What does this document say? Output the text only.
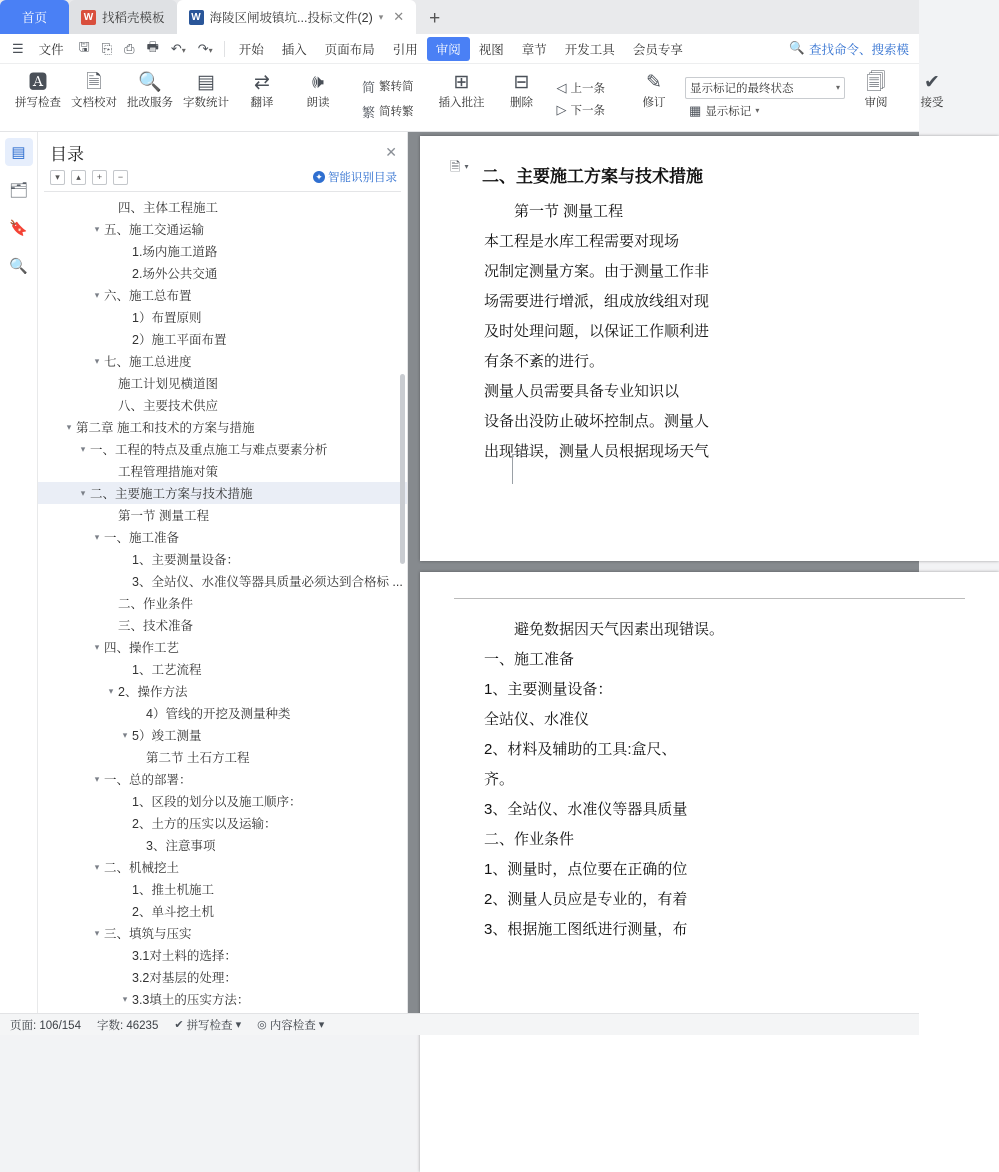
首页	W 找稻壳模板	W 海陵区闸坡镇坑...投标文件(2) ▾ ✕	+
☰	文件	🖫 ⎘ ⎙ 🖶 ↶▾ ↷▾	开始	插入	页面布局	引用	审阅	视图	章节	开发工具	会员专享	🔍 查找命令、搜索模
🅰
拼写检查
🗎
文档校对
🔍
批改服务
▤
字数统计
⇄
翻译
🕪
朗读
简 繁转简
繁 简转繁
⊞
插入批注
⊟
删除
◁ 上一条
▷ 下一条
✎
修订
显示标记的最终状态	▾
▦ 显示标记 ▾
🗐
审阅
✔
接受
▤
🗂
🔖
🔍
目录	✕
▾	▴	+	−	✦ 智能识别目录
四、主体工程施工
▾ 五、施工交通运输
1.场内施工道路
2.场外公共交通
▾ 六、施工总布置
1）布置原则
2）施工平面布置
▾ 七、施工总进度
施工计划见横道图
八、主要技术供应
▾ 第二章 施工和技术的方案与措施
▾ 一、工程的特点及重点施工与难点要素分析
工程管理措施对策
▾ 二、主要施工方案与技术措施
第一节 测量工程
▾ 一、施工准备
1、主要测量设备：
3、全站仪、水准仪等器具质量必须达到合格标 ...
二、作业条件
三、技术准备
▾ 四、操作工艺
1、工艺流程
▾ 2、操作方法
4）管线的开挖及测量种类
▾ 5）竣工测量
第二节 土石方工程
▾ 一、总的部署：
1、区段的划分以及施工顺序：
2、土方的压实以及运输：
3、注意事项
▾ 二、机械挖土
1、推土机施工
2、单斗挖土机
▾ 三、填筑与压实
3.1对土料的选择：
3.2对基层的处理：
▾ 3.3填土的压实方法：
🗎 ▾
二、主要施工方案与技术措施
第一节 测量工程
本工程是水库工程需要对现场
况制定测量方案。由于测量工作非
场需要进行增派，组成放线组对现
及时处理问题，以保证工作顺利进
有条不紊的进行。
测量人员需要具备专业知识以
设备出没防止破坏控制点。测量人
出现错误，测量人员根据现场天气
避免数据因天气因素出现错误。
一、施工准备
1、主要测量设备：
全站仪、水准仪
2、材料及辅助的工具:盒尺、
齐。
3、全站仪、水准仪等器具质量
二、作业条件
1、测量时，点位要在正确的位
2、测量人员应是专业的，有着
3、根据施工图纸进行测量，布
页面: 106/154 字数: 46235 ✔ 拼写检查 ▾ ◎ 内容检查 ▾
